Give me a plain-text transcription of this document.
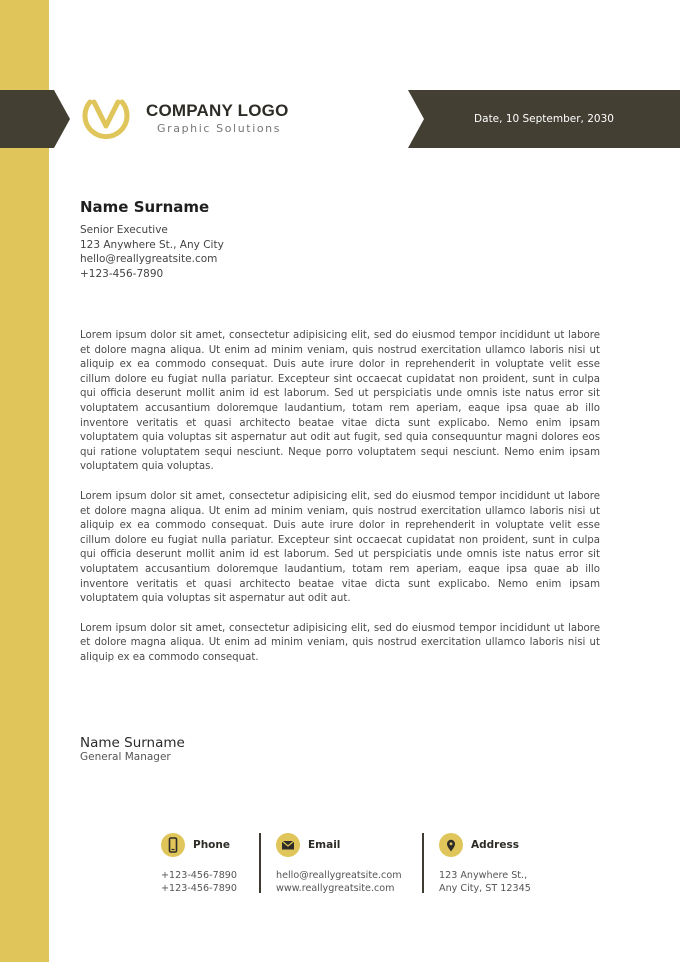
COMPANY LOGO
Graphic Solutions
Date, 10 September, 2030
Name Surname
Senior Executive
123 Anywhere St., Any City
hello@reallygreatsite.com
+123-456-7890

Lorem ipsum dolor sit amet, consectetur adipisicing elit, sed do eiusmod tempor incididunt ut labore et dolore magna aliqua. Ut enim ad minim veniam, quis nostrud exercitation ullamco laboris nisi ut aliquip ex ea commodo consequat. Duis aute irure dolor in reprehenderit in voluptate velit esse cillum dolore eu fugiat nulla pariatur. Excepteur sint occaecat cupidatat non proident, sunt in culpa qui officia deserunt mollit anim id est laborum. Sed ut perspiciatis unde omnis iste natus error sit voluptatem accusantium doloremque laudantium, totam rem aperiam, eaque ipsa quae ab illo inventore veritatis et quasi architecto beatae vitae dicta sunt explicabo. Nemo enim ipsam voluptatem quia voluptas sit aspernatur aut odit aut fugit, sed quia consequuntur magni dolores eos qui ratione voluptatem sequi nesciunt. Neque porro voluptatem sequi nesciunt. Nemo enim ipsam voluptatem quia voluptas.

Lorem ipsum dolor sit amet, consectetur adipisicing elit, sed do eiusmod tempor incididunt ut labore et dolore magna aliqua. Ut enim ad minim veniam, quis nostrud exercitation ullamco laboris nisi ut aliquip ex ea commodo consequat. Duis aute irure dolor in reprehenderit in voluptate velit esse cillum dolore eu fugiat nulla pariatur. Excepteur sint occaecat cupidatat non proident, sunt in culpa qui officia deserunt mollit anim id est laborum. Sed ut perspiciatis unde omnis iste natus error sit voluptatem accusantium doloremque laudantium, totam rem aperiam, eaque ipsa quae ab illo inventore veritatis et quasi architecto beatae vitae dicta sunt explicabo. Nemo enim ipsam voluptatem quia voluptas sit aspernatur aut odit aut.

Lorem ipsum dolor sit amet, consectetur adipisicing elit, sed do eiusmod tempor incididunt ut labore et dolore magna aliqua. Ut enim ad minim veniam, quis nostrud exercitation ullamco laboris nisi ut aliquip ex ea commodo consequat.

Name Surname
General Manager
Phone
+123-456-7890
+123-456-7890
Email
hello@reallygreatsite.com
www.reallygreatsite.com
Address
123 Anywhere St.,
Any City, ST 12345
